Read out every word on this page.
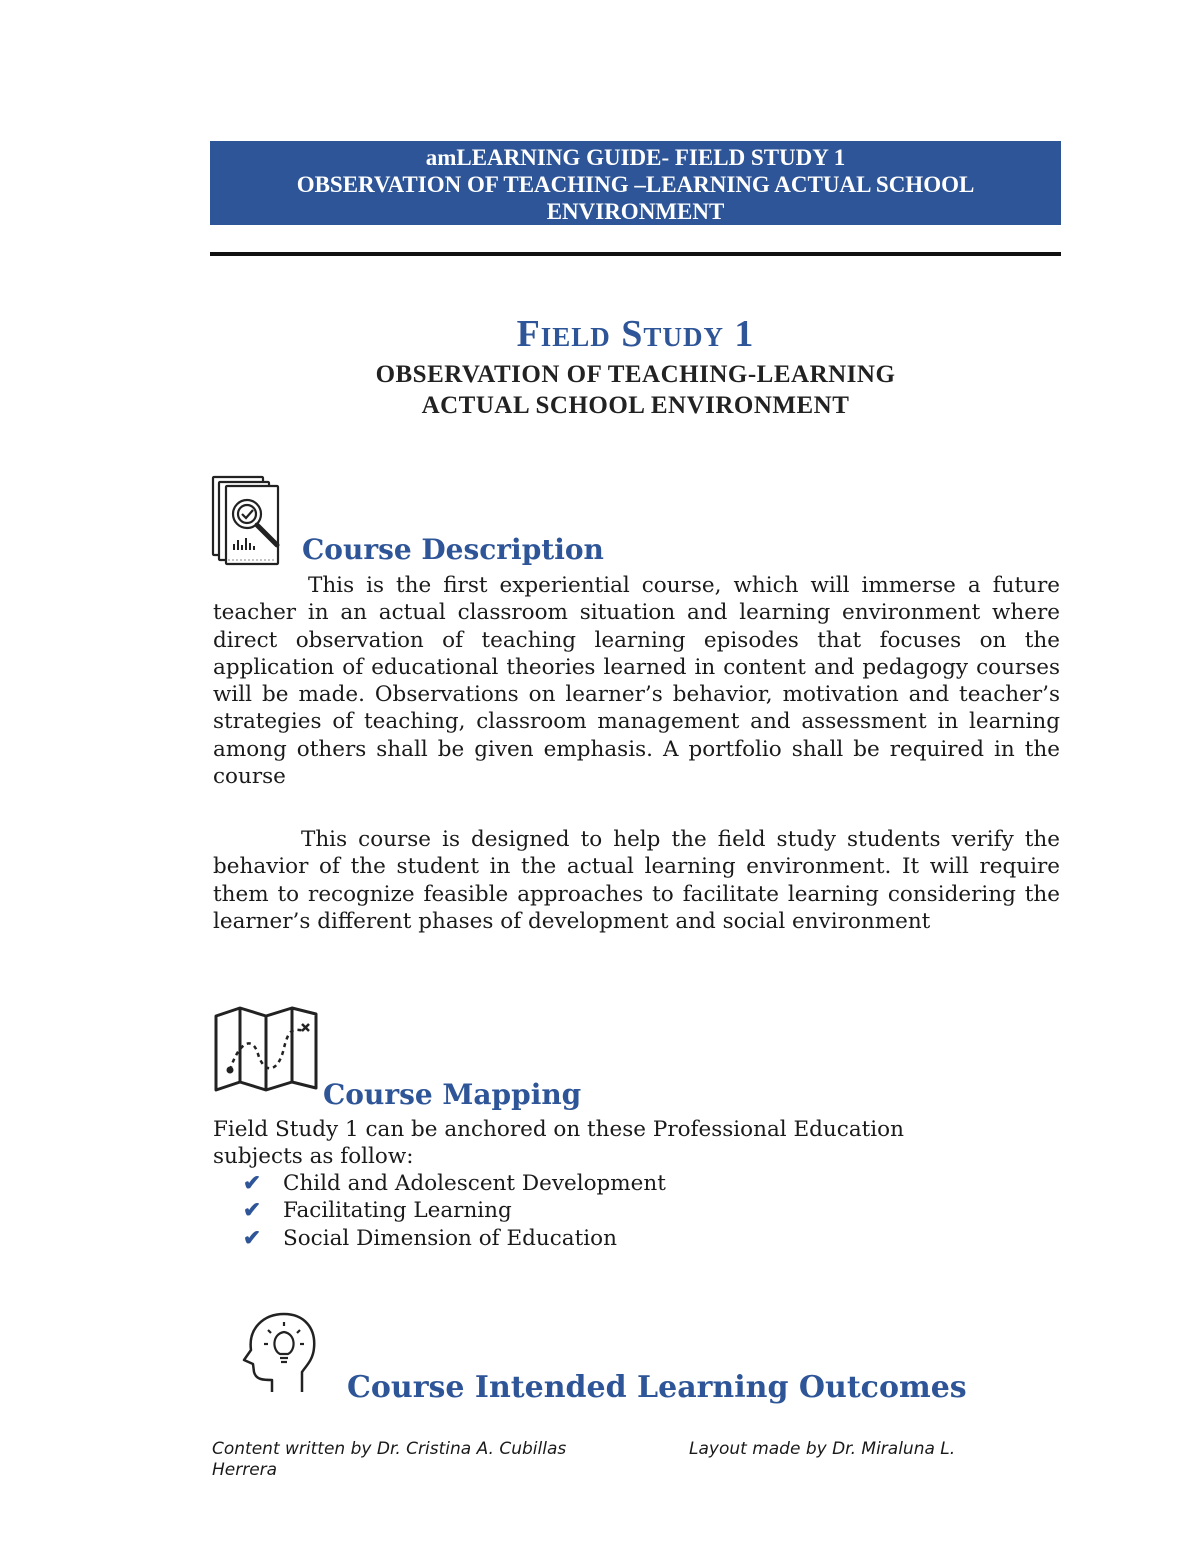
amLEARNING GUIDE- FIELD STUDY 1
OBSERVATION OF TEACHING –LEARNING ACTUAL SCHOOL
ENVIRONMENT
Field Study 1
OBSERVATION OF TEACHING-LEARNING
ACTUAL SCHOOL ENVIRONMENT
Course Description

This is the first experiential course, which will immerse a future teacher in an actual classroom situation and learning environment where direct observation of teaching learning episodes that focuses on the application of educational theories learned in content and pedagogy courses will be made. Observations on learner’s behavior, motivation and teacher’s strategies of teaching, classroom management and assessment in learning among others shall be given emphasis. A portfolio shall be required in the course

This course is designed to help the field study students verify the behavior of the student in the actual learning environment. It will require them to recognize feasible approaches to facilitate learning considering the learner’s different phases of development and social environment

Course Mapping
Field Study 1 can be anchored on these Professional Education
subjects as follow:
✔ Child and Adolescent Development
✔ Facilitating Learning
✔ Social Dimension of Education
Course Intended Learning Outcomes
Content written by Dr. Cristina A. Cubillas	Layout made by Dr. Miraluna L.
Herrera
